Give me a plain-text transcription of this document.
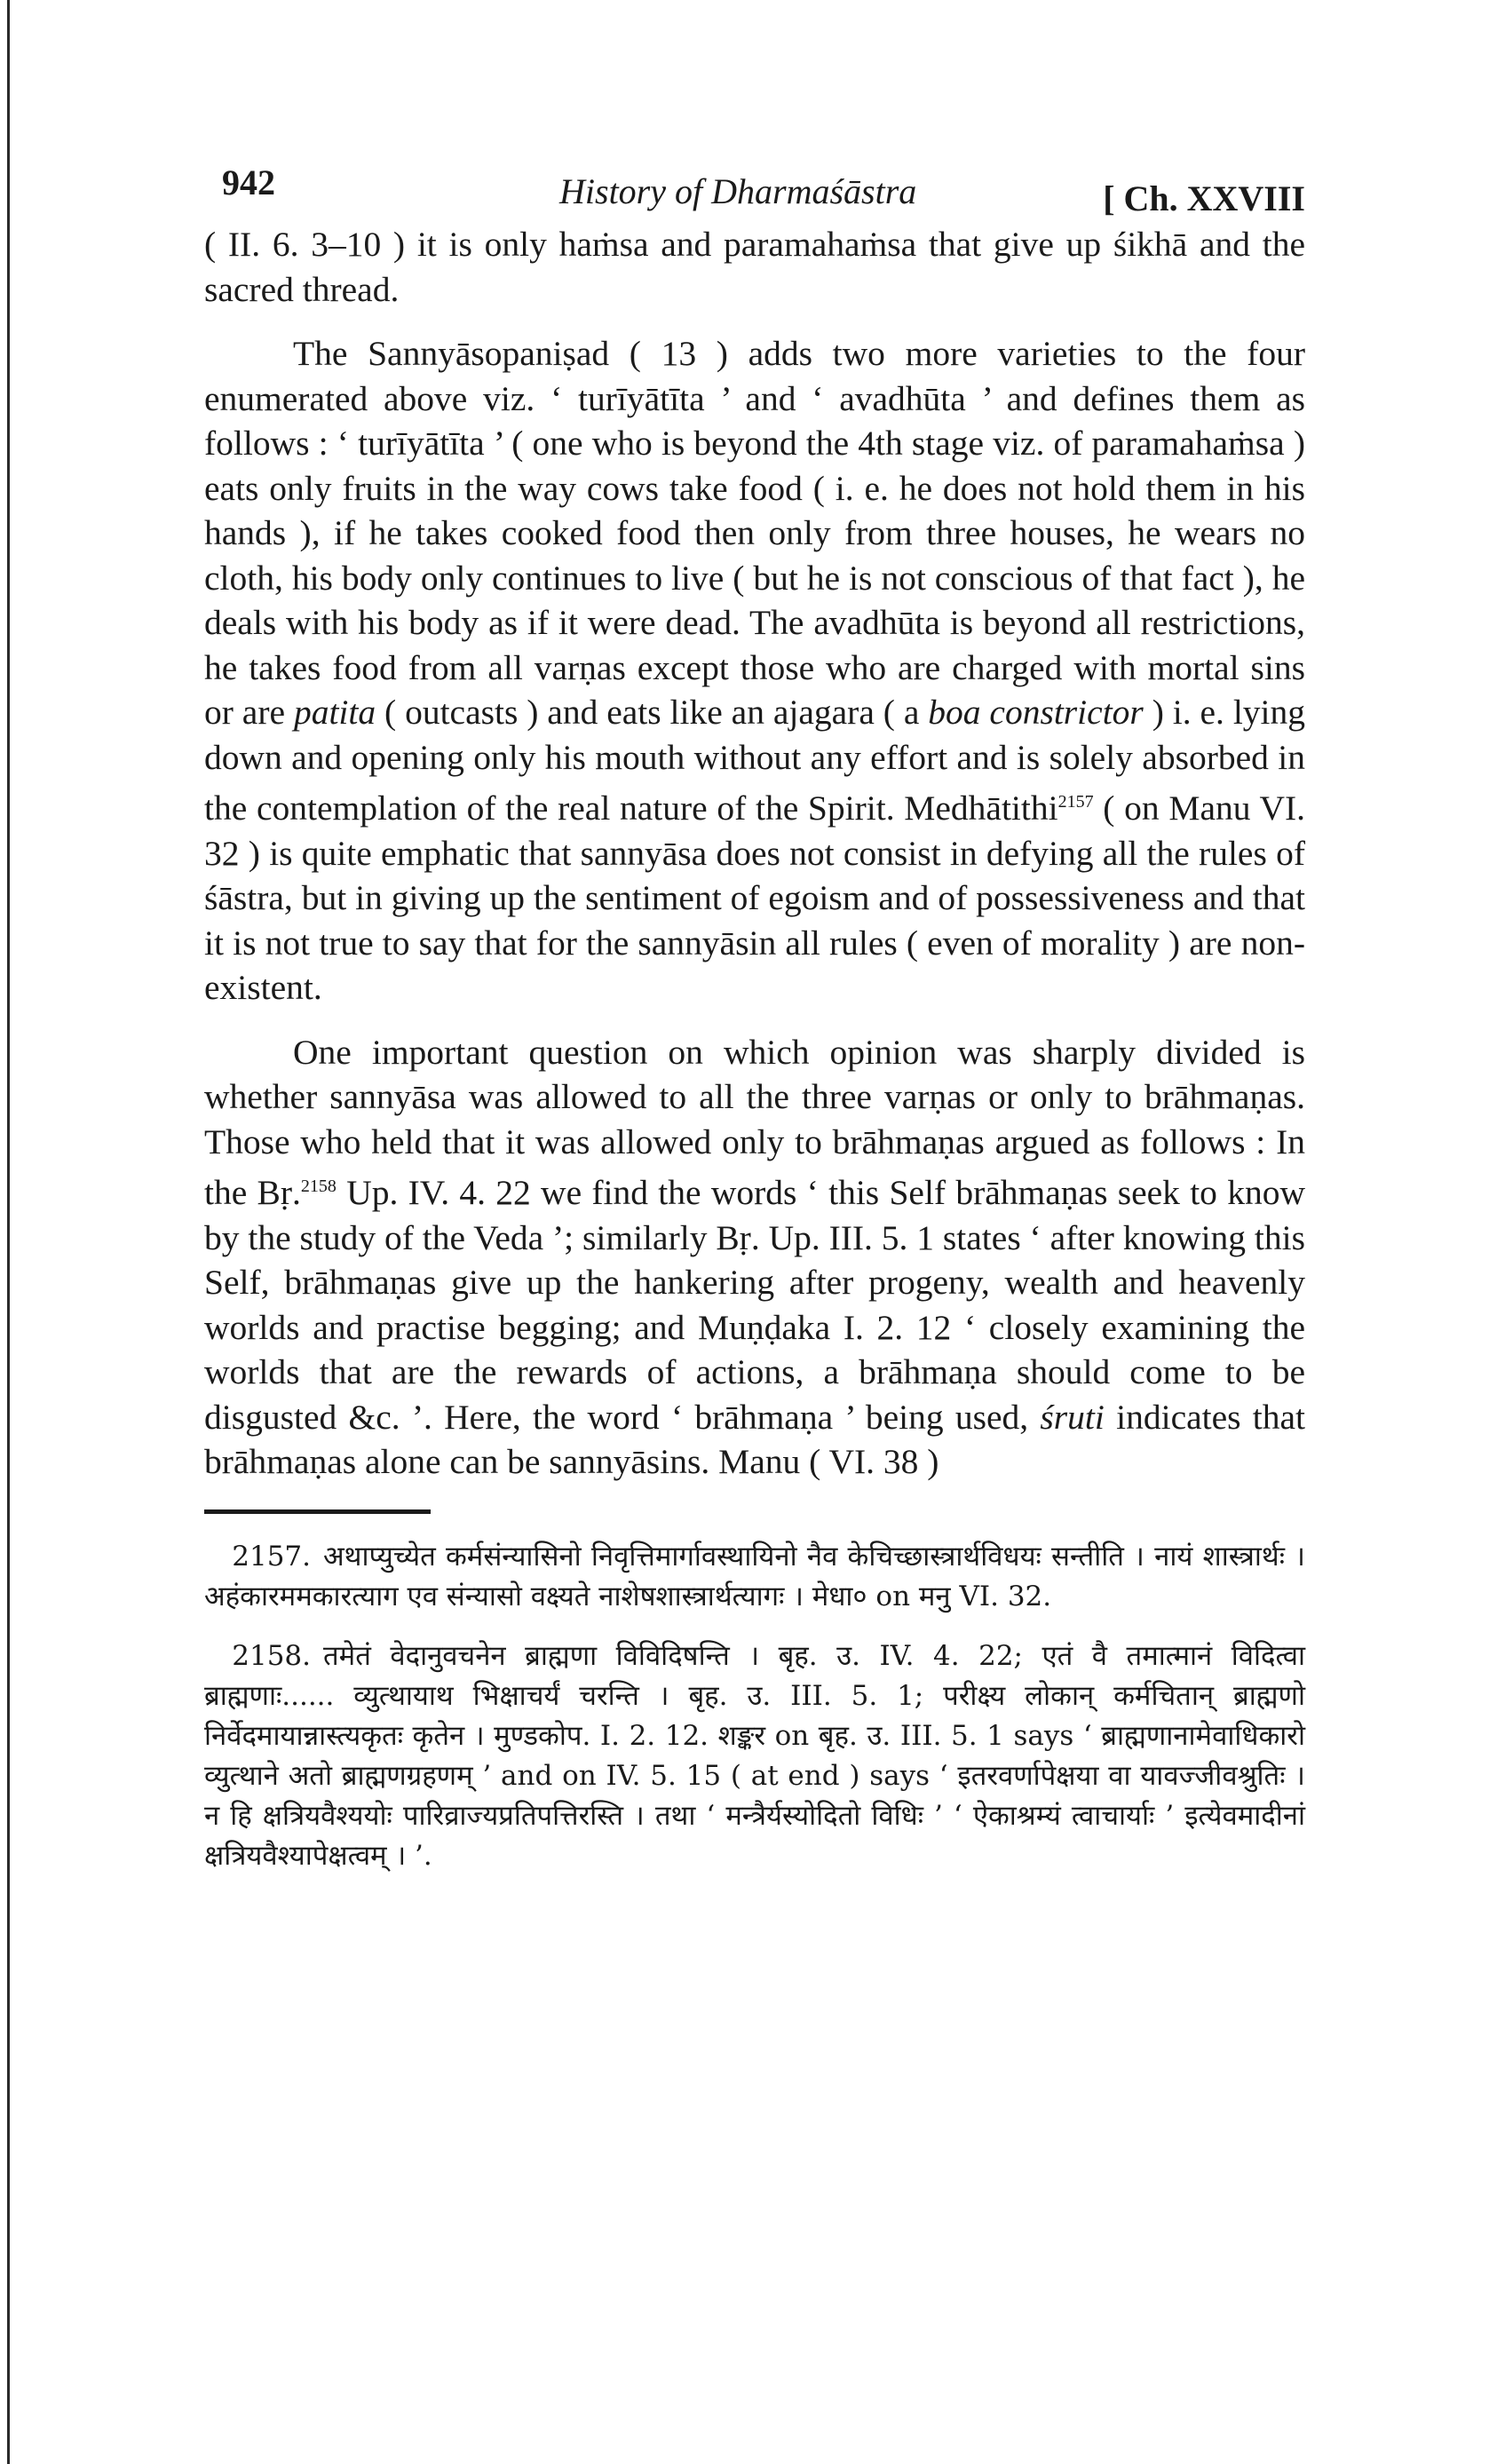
942	History of Dharmaśāstra	[ Ch. XXVIII

( II. 6. 3–10 ) it is only haṁsa and paramahaṁsa that give up śikhā and the sacred thread.

The Sannyāsopaniṣad ( 13 ) adds two more varieties to the four enumerated above viz. ‘ turīyātīta ’ and ‘ avadhūta ’ and defines them as follows : ‘ turīyātīta ’ ( one who is beyond the 4th stage viz. of paramahaṁsa ) eats only fruits in the way cows take food ( i. e. he does not hold them in his hands ), if he takes cooked food then only from three houses, he wears no cloth, his body only continues to live ( but he is not conscious of that fact ), he deals with his body as if it were dead. The avadhūta is beyond all restrictions, he takes food from all varṇas except those who are charged with mortal sins or are patita ( outcasts ) and eats like an ajagara ( a boa constrictor ) i. e. lying down and opening only his mouth without any effort and is solely absorbed in the contemplation of the real nature of the Spirit. Medhātithi$^{2157}$ ( on Manu VI. 32 ) is quite emphatic that sannyāsa does not consist in defying all the rules of śāstra, but in giving up the sentiment of egoism and of possessiveness and that it is not true to say that for the sannyāsin all rules ( even of morality ) are non-existent.

One important question on which opinion was sharply divided is whether sannyāsa was allowed to all the three varṇas or only to brāhmaṇas. Those who held that it was allowed only to brāhmaṇas argued as follows : In the Bṛ.$^{2158}$ Up. IV. 4. 22 we find the words ‘ this Self brāhmaṇas seek to know by the study of the Veda ’; similarly Bṛ. Up. III. 5. 1 states ‘ after knowing this Self, brāhmaṇas give up the hankering after progeny, wealth and heavenly worlds and practise begging; and Muṇḍaka I. 2. 12 ‘ closely examining the worlds that are the rewards of actions, a brāhmaṇa should come to be disgusted &c. ’. Here, the word ‘ brāhmaṇa ’ being used, śruti indicates that brāhmaṇas alone can be sannyāsins. Manu ( VI. 38 )

2157. अथाप्युच्येत कर्मसंन्यासिनो निवृत्तिमार्गावस्थायिनो नैव केचिच्छास्त्रार्थविधयः सन्तीति । नायं शास्त्रार्थः । अहंकारममकारत्याग एव संन्यासो वक्ष्यते नाशेषशास्त्रार्थत्यागः । मेधा० on मनु VI. 32.

2158. तमेतं वेदानुवचनेन ब्राह्मणा विविदिषन्ति । बृह. उ. IV. 4. 22; एतं वै तमात्मानं विदित्वा ब्राह्मणाः...... व्युत्थायाथ भिक्षाचर्यं चरन्ति । बृह. उ. III. 5. 1; परीक्ष्य लोकान् कर्मचितान् ब्राह्मणो निर्वेदमायान्नास्त्यकृतः कृतेन । मुण्डकोप. I. 2. 12. शङ्कर on बृह. उ. III. 5. 1 says ‘ ब्राह्मणानामेवाधिकारो व्युत्थाने अतो ब्राह्मणग्रहणम् ’ and on IV. 5. 15 ( at end ) says ‘ इतरवर्णापेक्षया वा यावज्जीवश्रुतिः । न हि क्षत्रियवैश्ययोः पारिव्राज्यप्रतिपत्तिरस्ति । तथा ‘ मन्त्रैर्यस्योदितो विधिः ’ ‘ ऐकाश्रम्यं त्वाचार्याः ’ इत्येवमादीनां क्षत्रियवैश्यापेक्षत्वम् । ’.
